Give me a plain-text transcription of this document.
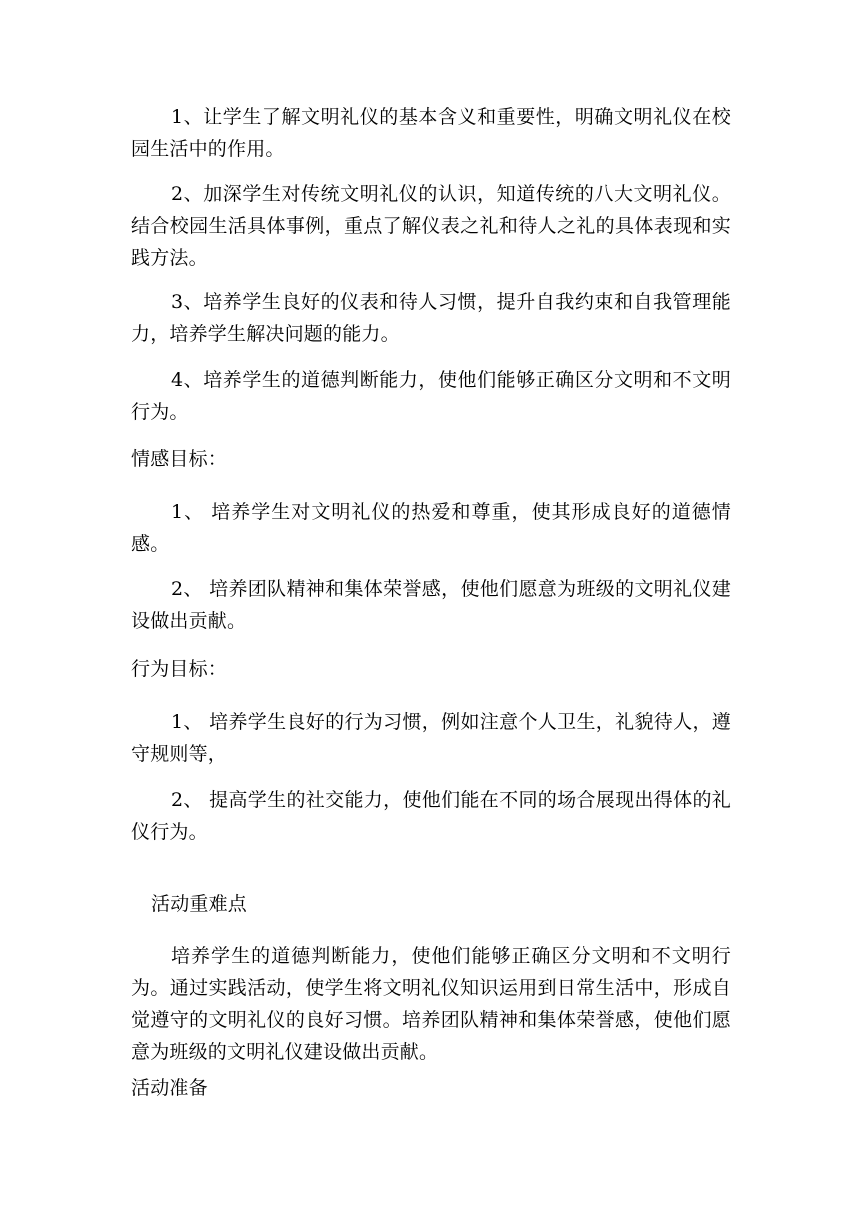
1、让学生了解文明礼仪的基本含义和重要性，明确文明礼仪在校园生活中的作用。

2、加深学生对传统文明礼仪的认识，知道传统的八大文明礼仪。结合校园生活具体事例，重点了解仪表之礼和待人之礼的具体表现和实践方法。

3、培养学生良好的仪表和待人习惯，提升自我约束和自我管理能力，培养学生解决问题的能力。

4、培养学生的道德判断能力，使他们能够正确区分文明和不文明行为。

情感目标：

1、 培养学生对文明礼仪的热爱和尊重，使其形成良好的道德情感。

2、 培养团队精神和集体荣誉感，使他们愿意为班级的文明礼仪建设做出贡献。

行为目标：

1、 培养学生良好的行为习惯，例如注意个人卫生，礼貌待人，遵守规则等，

2、 提高学生的社交能力，使他们能在不同的场合展现出得体的礼仪行为。

活动重难点

培养学生的道德判断能力，使他们能够正确区分文明和不文明行为。通过实践活动，使学生将文明礼仪知识运用到日常生活中，形成自觉遵守的文明礼仪的良好习惯。培养团队精神和集体荣誉感，使他们愿意为班级的文明礼仪建设做出贡献。

活动准备
